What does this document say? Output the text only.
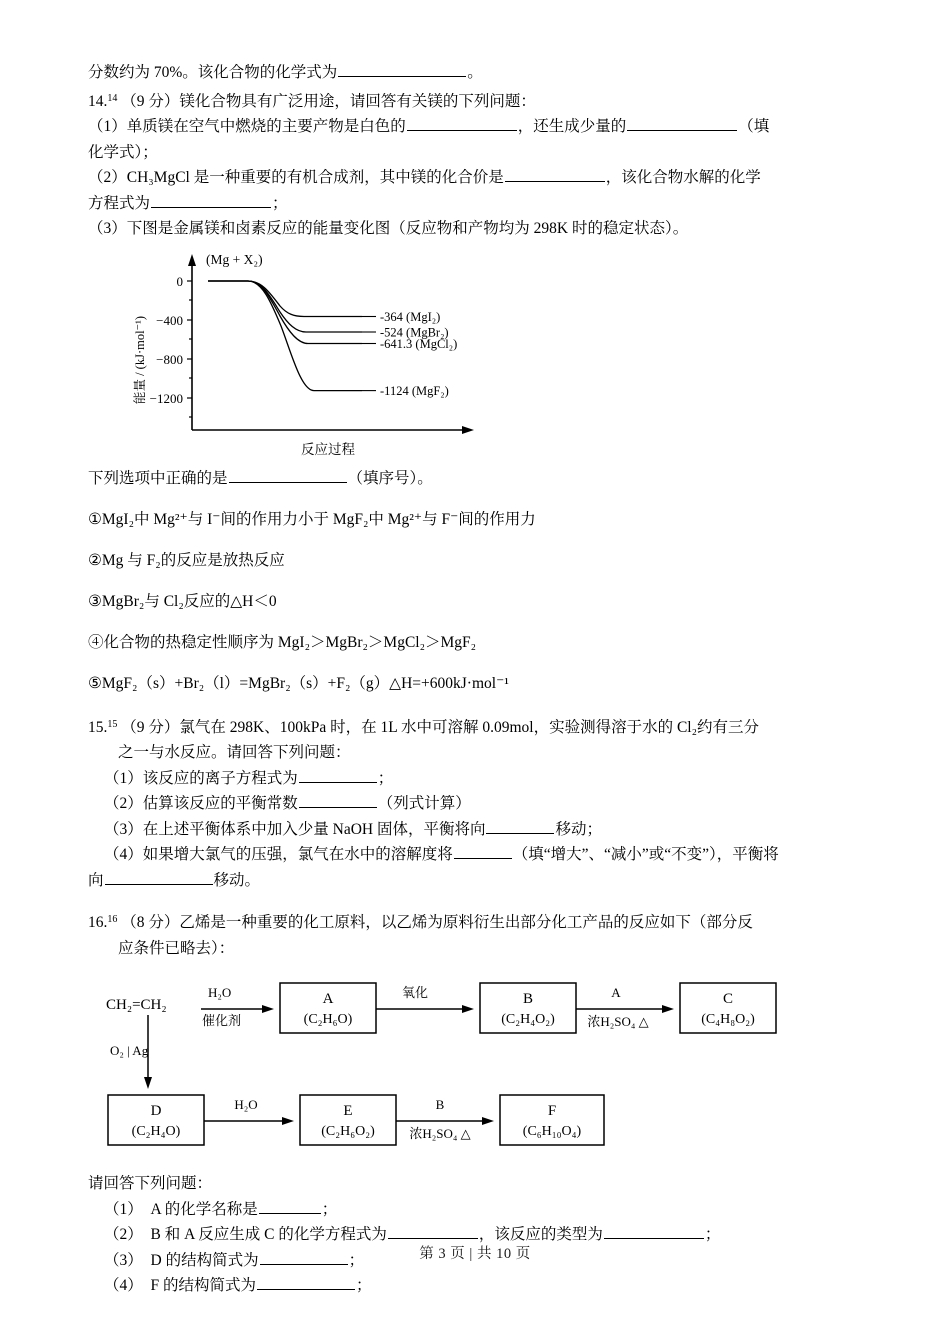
分数约为 70%。该化合物的化学式为	。

14.14 （9 分）镁化合物具有广泛用途，请回答有关镁的下列问题：

（1）单质镁在空气中燃烧的主要产物是白色的	，还生成少量的	（填

化学式）；

（2）CH₃MgCl 是一种重要的有机合成剂，其中镁的化合价是	，该化合物水解的化学

方程式为	；

（3）下图是金属镁和卤素反应的能量变化图（反应物和产物均为 298K 时的稳定状态）。

0
−400
−800
−1200
能量 / (kJ·mol⁻¹)
(Mg + X₂)
-364 (MgI₂)
-524 (MgBr₂)
-641.3 (MgCl₂)
-1124 (MgF₂)
反应过程

下列选项中正确的是	（填序号）。

①MgI₂中 Mg²⁺与 I⁻间的作用力小于 MgF₂中 Mg²⁺与 F⁻间的作用力

②Mg 与 F₂的反应是放热反应

③MgBr₂与 Cl₂反应的△H＜0

④化合物的热稳定性顺序为 MgI₂＞MgBr₂＞MgCl₂＞MgF₂

⑤MgF₂（s）+Br₂（l）=MgBr₂（s）+F₂（g）△H=+600kJ·mol⁻¹

15.15 （9 分）氯气在 298K、100kPa 时，在 1L 水中可溶解 0.09mol，实验测得溶于水的 Cl₂约有三分

之一与水反应。请回答下列问题：

（1）该反应的离子方程式为	；

（2）估算该反应的平衡常数	（列式计算）

（3）在上述平衡体系中加入少量 NaOH 固体，平衡将向	移动；

（4）如果增大氯气的压强，氯气在水中的溶解度将	（填“增大”、“减小”或“不变”），平衡将

向	移动。

16.16 （8 分）乙烯是一种重要的化工原料，以乙烯为原料衍生出部分化工产品的反应如下（部分反

应条件已略去）：

CH₂=CH₂
H₂O
催化剂
A
(C₂H₆O)
氧化	B
(C₂H₄O₂)
A
浓H₂SO₄ △
C
(C₄H₈O₂)
O₂ | Ag
D
(C₂H₄O)
H₂O	E
(C₂H₆O₂)
B
浓H₂SO₄ △
F
(C₆H₁₀O₄)

请回答下列问题：

（1）　A 的化学名称是	；

（2）　B 和 A 反应生成 C 的化学方程式为	，该反应的类型为	；

（3）　D 的结构简式为	；

（4）　F 的结构简式为	；

第 3 页 | 共 10 页
